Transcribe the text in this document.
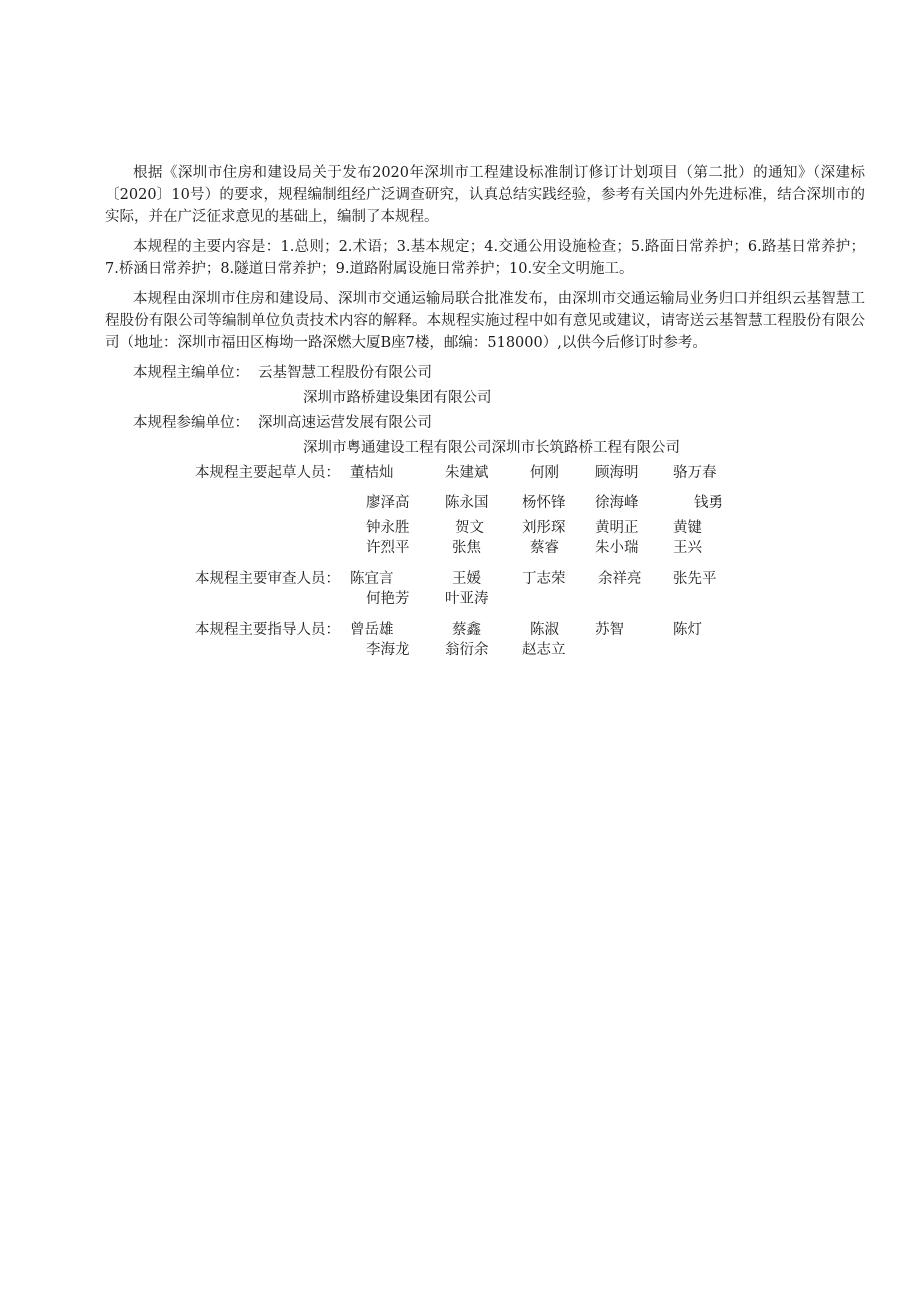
根据《深圳市住房和建设局关于发布2020年深圳市工程建设标准制订修订计划项目（第二批）的通知》（深建标〔2020〕10号）的要求，规程编制组经广泛调查研究，认真总结实践经验，参考有关国内外先进标准，结合深圳市的实际，并在广泛征求意见的基础上，编制了本规程。

本规程的主要内容是：1.总则；2.术语；3.基本规定；4.交通公用设施检查；5.路面日常养护；6.路基日常养护；7.桥涵日常养护；8.隧道日常养护；9.道路附属设施日常养护；10.安全文明施工。

本规程由深圳市住房和建设局、深圳市交通运输局联合批准发布，由深圳市交通运输局业务归口并组织云基智慧工程股份有限公司等编制单位负责技术内容的解释。本规程实施过程中如有意见或建议，请寄送云基智慧工程股份有限公司（地址：深圳市福田区梅坳一路深燃大厦B座7楼，邮编：518000）,以供今后修订时参考。

本规程主编单位： 云基智慧工程股份有限公司
深圳市路桥建设集团有限公司
本规程参编单位： 深圳高速运营发展有限公司
深圳市粤通建设工程有限公司深圳市长筑路桥工程有限公司
本规程主要起草人员： 董桔灿	朱建斌	何刚 顾海明 骆万春
廖泽高 陈永国 杨怀锋 徐海峰	钱勇
钟永胜	贺文	刘彤琛 黄明正 黄键
许烈平	张焦	蔡睿 朱小瑞 王兴
本规程主要审查人员： 陈宜言	王媛	丁志荣 余祥亮 张先平
何艳芳 叶亚涛
本规程主要指导人员： 曾岳雄	蔡鑫	陈淑 苏智	陈灯
李海龙 翁衍余 赵志立
